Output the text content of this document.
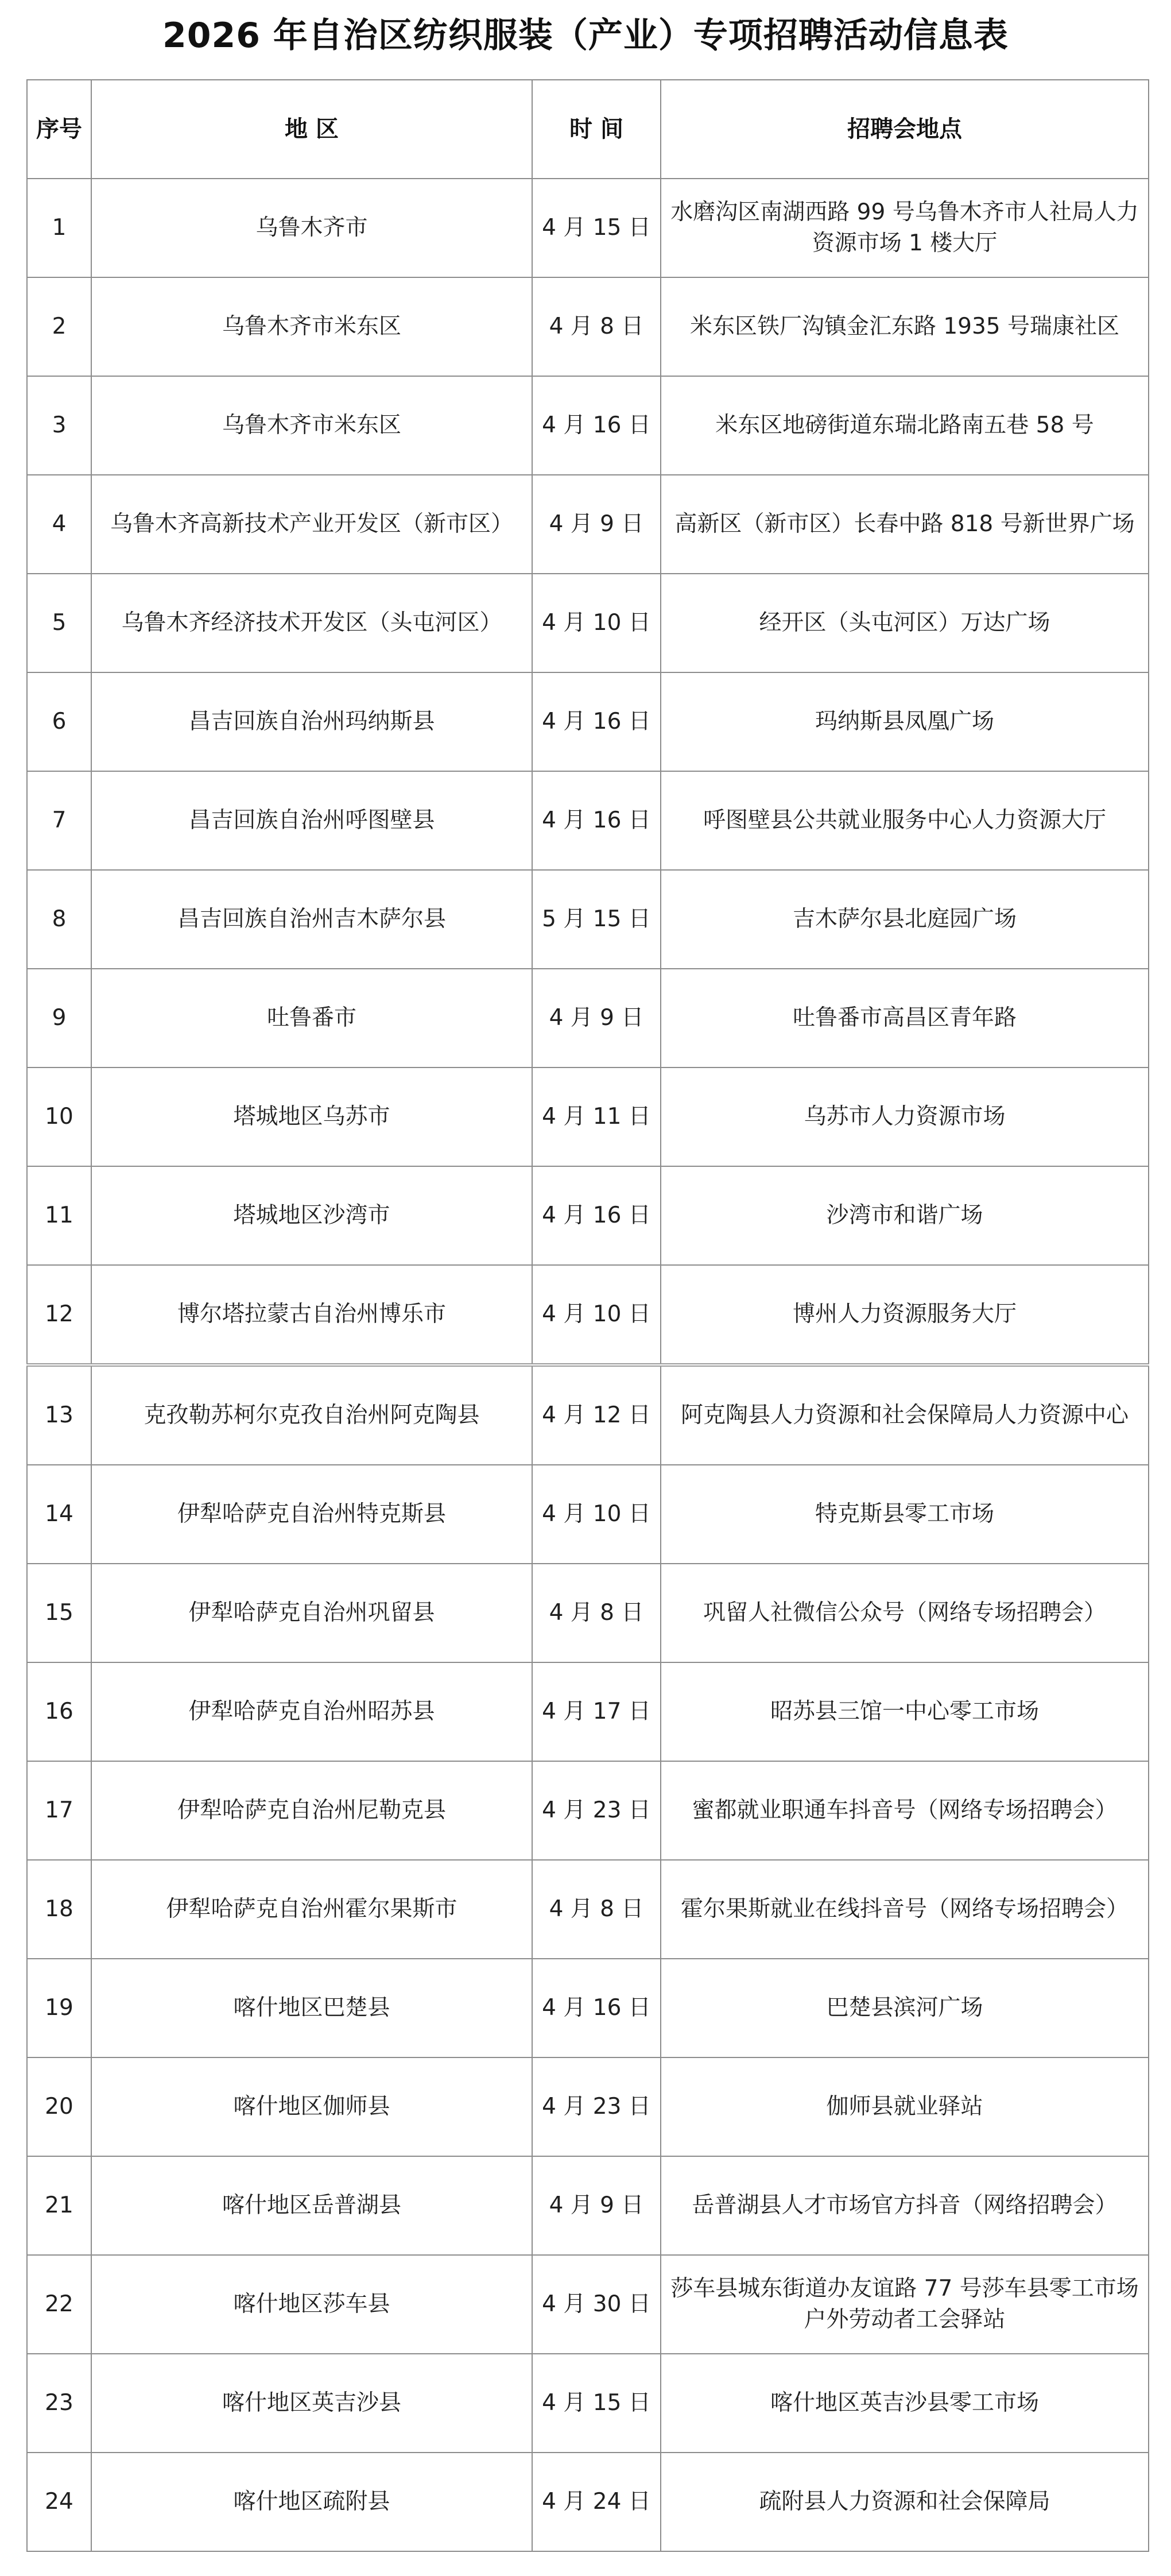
2026 年自治区纺织服装（产业）专项招聘活动信息表
序号	地 区	时 间	招聘会地点
1	乌鲁木齐市	4 月 15 日	水磨沟区南湖西路 99 号乌鲁木齐市人社局人力资源市场 1 楼大厅
2	乌鲁木齐市米东区	4 月 8 日	米东区铁厂沟镇金汇东路 1935 号瑞康社区
3	乌鲁木齐市米东区	4 月 16 日	米东区地磅街道东瑞北路南五巷 58 号
4	乌鲁木齐高新技术产业开发区（新市区）	4 月 9 日	高新区（新市区）长春中路 818 号新世界广场
5	乌鲁木齐经济技术开发区（头屯河区）	4 月 10 日	经开区（头屯河区）万达广场
6	昌吉回族自治州玛纳斯县	4 月 16 日	玛纳斯县凤凰广场
7	昌吉回族自治州呼图壁县	4 月 16 日	呼图壁县公共就业服务中心人力资源大厅
8	昌吉回族自治州吉木萨尔县	5 月 15 日	吉木萨尔县北庭园广场
9	吐鲁番市	4 月 9 日	吐鲁番市高昌区青年路
10	塔城地区乌苏市	4 月 11 日	乌苏市人力资源市场
11	塔城地区沙湾市	4 月 16 日	沙湾市和谐广场
12	博尔塔拉蒙古自治州博乐市	4 月 10 日	博州人力资源服务大厅
13	克孜勒苏柯尔克孜自治州阿克陶县	4 月 12 日	阿克陶县人力资源和社会保障局人力资源中心
14	伊犁哈萨克自治州特克斯县	4 月 10 日	特克斯县零工市场
15	伊犁哈萨克自治州巩留县	4 月 8 日	巩留人社微信公众号（网络专场招聘会）
16	伊犁哈萨克自治州昭苏县	4 月 17 日	昭苏县三馆一中心零工市场
17	伊犁哈萨克自治州尼勒克县	4 月 23 日	蜜都就业职通车抖音号（网络专场招聘会）
18	伊犁哈萨克自治州霍尔果斯市	4 月 8 日	霍尔果斯就业在线抖音号（网络专场招聘会）
19	喀什地区巴楚县	4 月 16 日	巴楚县滨河广场
20	喀什地区伽师县	4 月 23 日	伽师县就业驿站
21	喀什地区岳普湖县	4 月 9 日	岳普湖县人才市场官方抖音（网络招聘会）
22	喀什地区莎车县	4 月 30 日	莎车县城东街道办友谊路 77 号莎车县零工市场户外劳动者工会驿站
23	喀什地区英吉沙县	4 月 15 日	喀什地区英吉沙县零工市场
24	喀什地区疏附县	4 月 24 日	疏附县人力资源和社会保障局
